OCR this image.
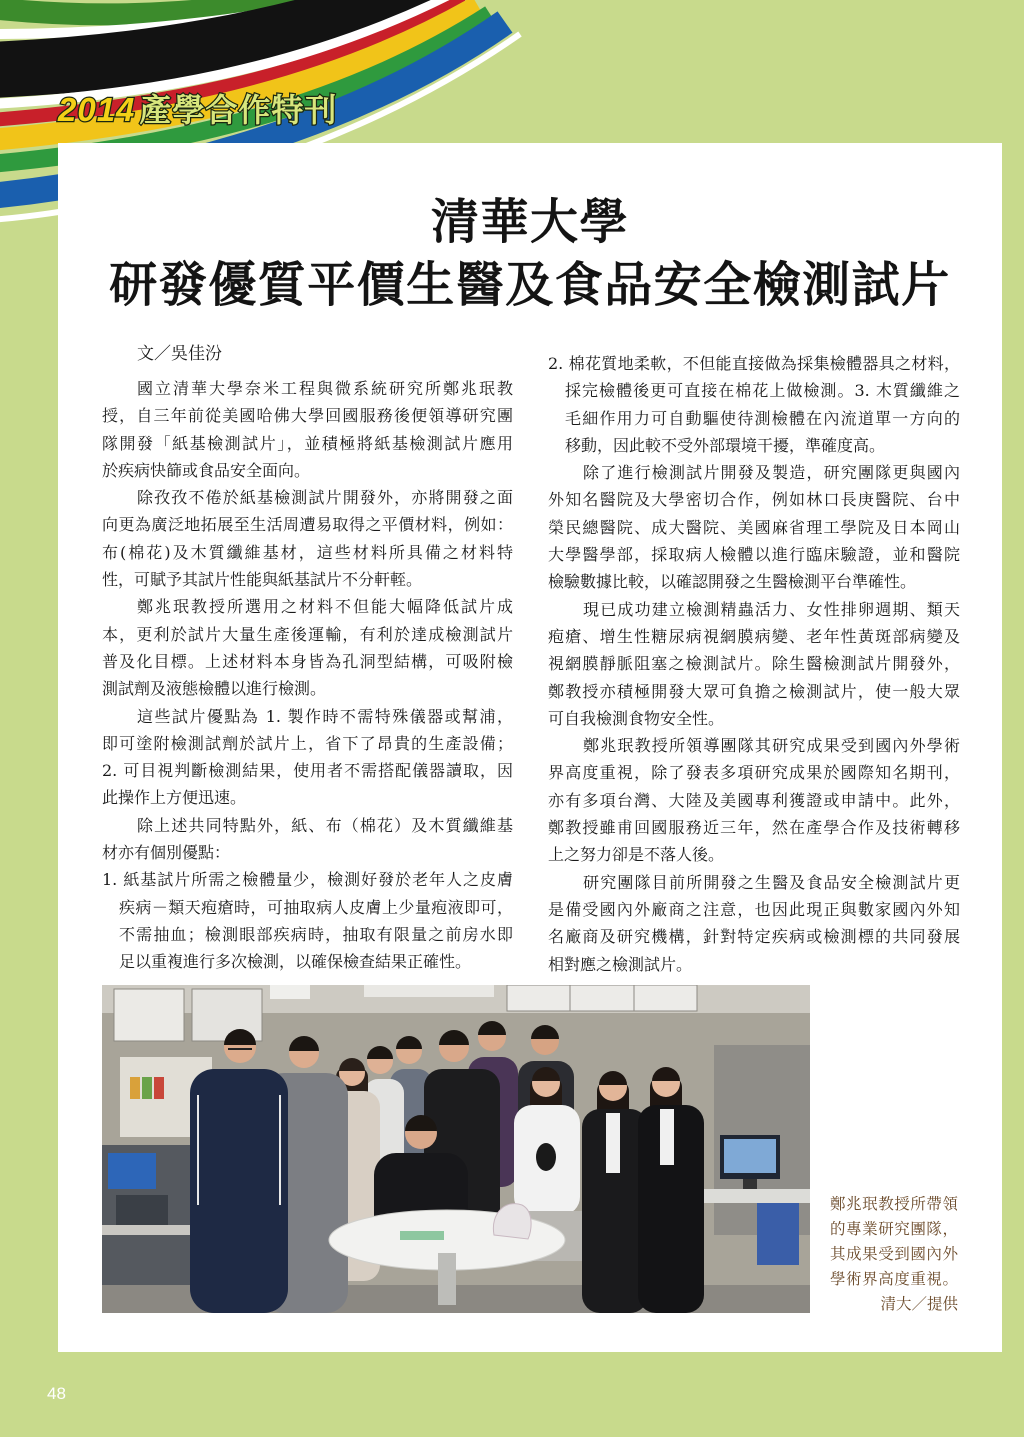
2014 產學合作特刊
清華大學
研發優質平價生醫及食品安全檢測試片
文／吳佳汾
國立清華大學奈米工程與微系統研究所鄭兆珉教
授，自三年前從美國哈佛大學回國服務後便領導研究團
隊開發「紙基檢測試片」，並積極將紙基檢測試片應用
於疾病快篩或食品安全面向。
除孜孜不倦於紙基檢測試片開發外，亦將開發之面
向更為廣泛地拓展至生活周遭易取得之平價材料，例如：
布(棉花)及木質纖維基材，這些材料所具備之材料特
性，可賦予其試片性能與紙基試片不分軒輊。
鄭兆珉教授所選用之材料不但能大幅降低試片成
本，更利於試片大量生產後運輸，有利於達成檢測試片
普及化目標。上述材料本身皆為孔洞型結構，可吸附檢
測試劑及液態檢體以進行檢測。
這些試片優點為 1. 製作時不需特殊儀器或幫浦，
即可塗附檢測試劑於試片上，省下了昂貴的生產設備；
2. 可目視判斷檢測結果，使用者不需搭配儀器讀取，因
此操作上方便迅速。
除上述共同特點外，紙、布（棉花）及木質纖維基
材亦有個別優點：
1. 紙基試片所需之檢體量少，檢測好發於老年人之皮膚
疾病－類天疱瘡時，可抽取病人皮膚上少量疱液即可，
不需抽血；檢測眼部疾病時，抽取有限量之前房水即
足以重複進行多次檢測，以確保檢查結果正確性。
2. 棉花質地柔軟，不但能直接做為採集檢體器具之材料，
採完檢體後更可直接在棉花上做檢測。3. 木質纖維之
毛細作用力可自動驅使待測檢體在內流道單一方向的
移動，因此較不受外部環境干擾，準確度高。
除了進行檢測試片開發及製造，研究團隊更與國內
外知名醫院及大學密切合作，例如林口長庚醫院、台中
榮民總醫院、成大醫院、美國麻省理工學院及日本岡山
大學醫學部，採取病人檢體以進行臨床驗證，並和醫院
檢驗數據比較，以確認開發之生醫檢測平台準確性。
現已成功建立檢測精蟲活力、女性排卵週期、類天
疱瘡、增生性糖尿病視網膜病變、老年性黃斑部病變及
視網膜靜脈阻塞之檢測試片。除生醫檢測試片開發外，
鄭教授亦積極開發大眾可負擔之檢測試片，使一般大眾
可自我檢測食物安全性。
鄭兆珉教授所領導團隊其研究成果受到國內外學術
界高度重視，除了發表多項研究成果於國際知名期刊，
亦有多項台灣、大陸及美國專利獲證或申請中。此外，
鄭教授雖甫回國服務近三年，然在產學合作及技術轉移
上之努力卻是不落人後。
研究團隊目前所開發之生醫及食品安全檢測試片更
是備受國內外廠商之注意，也因此現正與數家國內外知
名廠商及研究機構，針對特定疾病或檢測標的共同發展
相對應之檢測試片。
鄭兆珉教授所帶領
的專業研究團隊，
其成果受到國內外
學術界高度重視。
清大／提供
48
